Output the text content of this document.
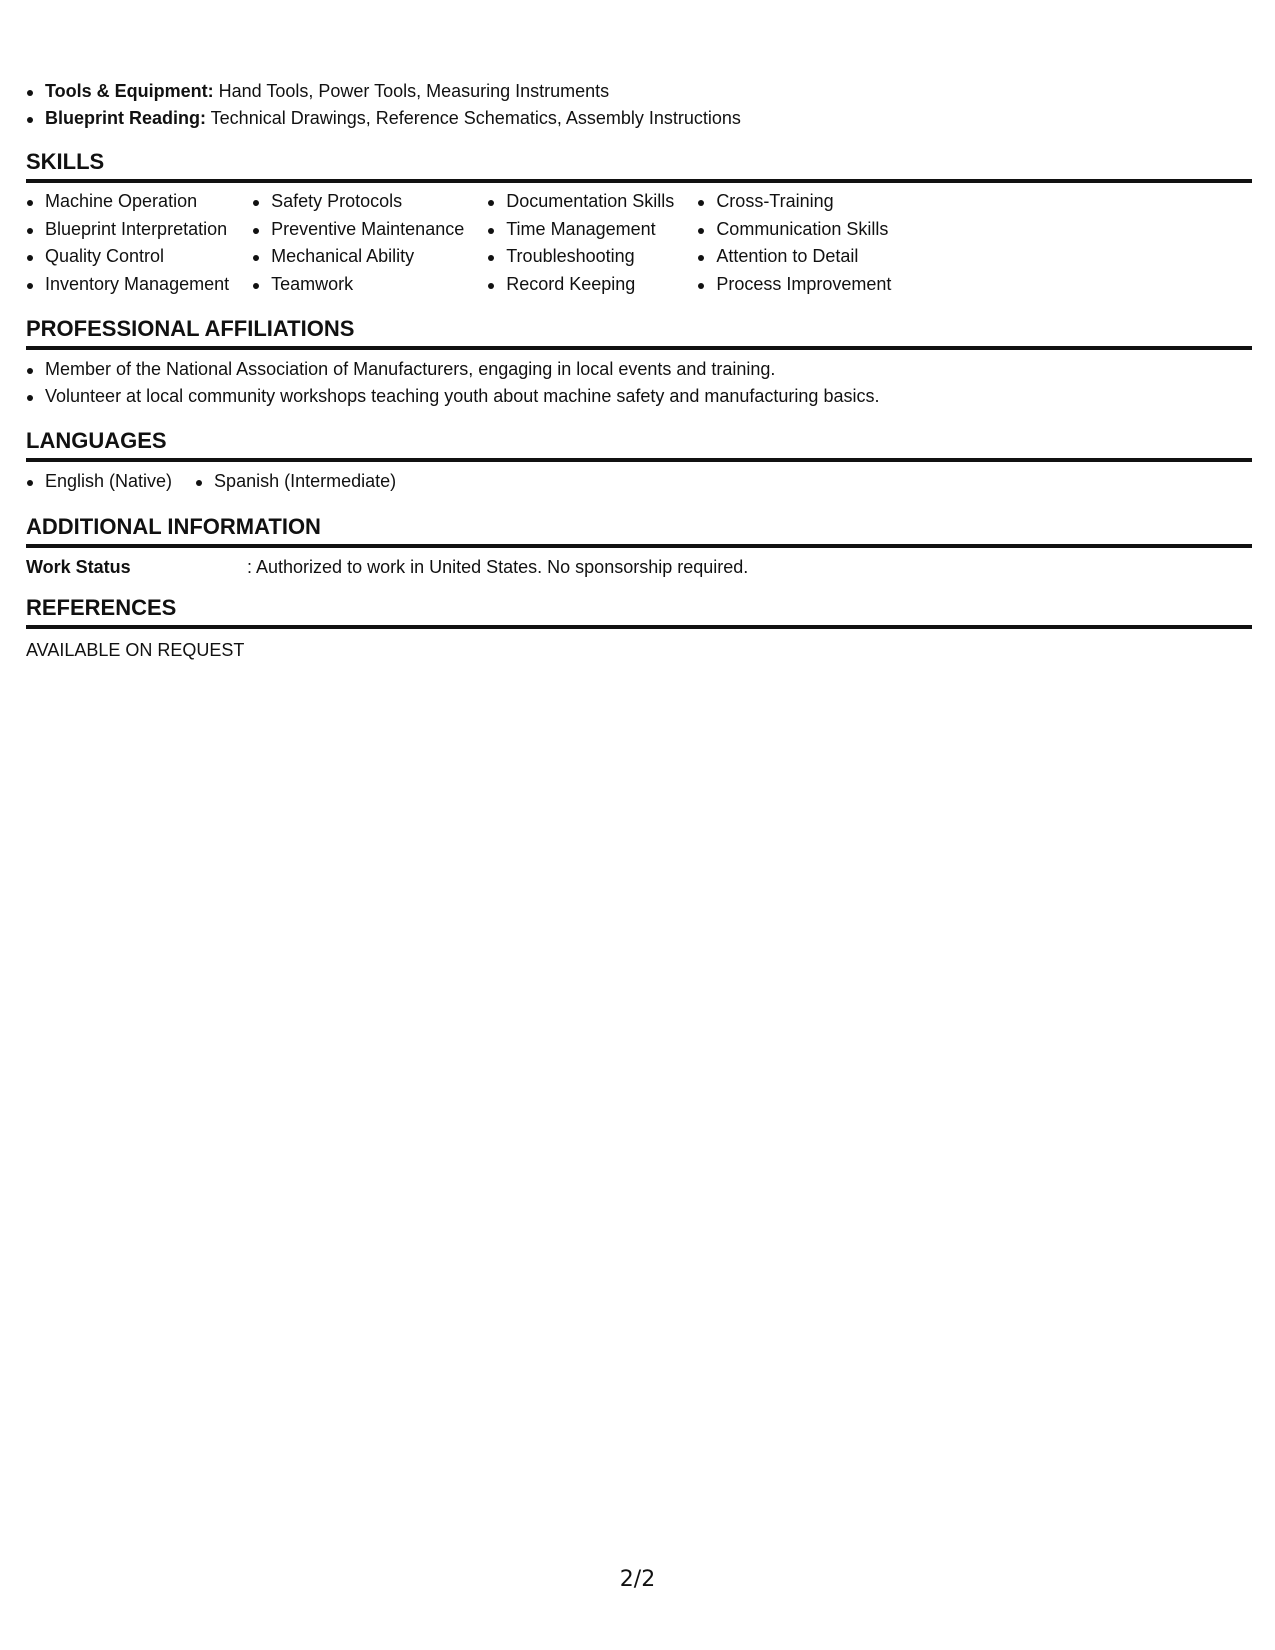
Tools & Equipment: Hand Tools, Power Tools, Measuring Instruments
Blueprint Reading: Technical Drawings, Reference Schematics, Assembly Instructions
SKILLS
Machine Operation
Blueprint Interpretation
Quality Control
Inventory Management
Safety Protocols
Preventive Maintenance
Mechanical Ability
Teamwork
Documentation Skills
Time Management
Troubleshooting
Record Keeping
Cross-Training
Communication Skills
Attention to Detail
Process Improvement
PROFESSIONAL AFFILIATIONS
Member of the National Association of Manufacturers, engaging in local events and training.
Volunteer at local community workshops teaching youth about machine safety and manufacturing basics.
LANGUAGES
English (Native)	Spanish (Intermediate)
ADDITIONAL INFORMATION
Work Status	: Authorized to work in United States. No sponsorship required.
REFERENCES
AVAILABLE ON REQUEST
2/2
